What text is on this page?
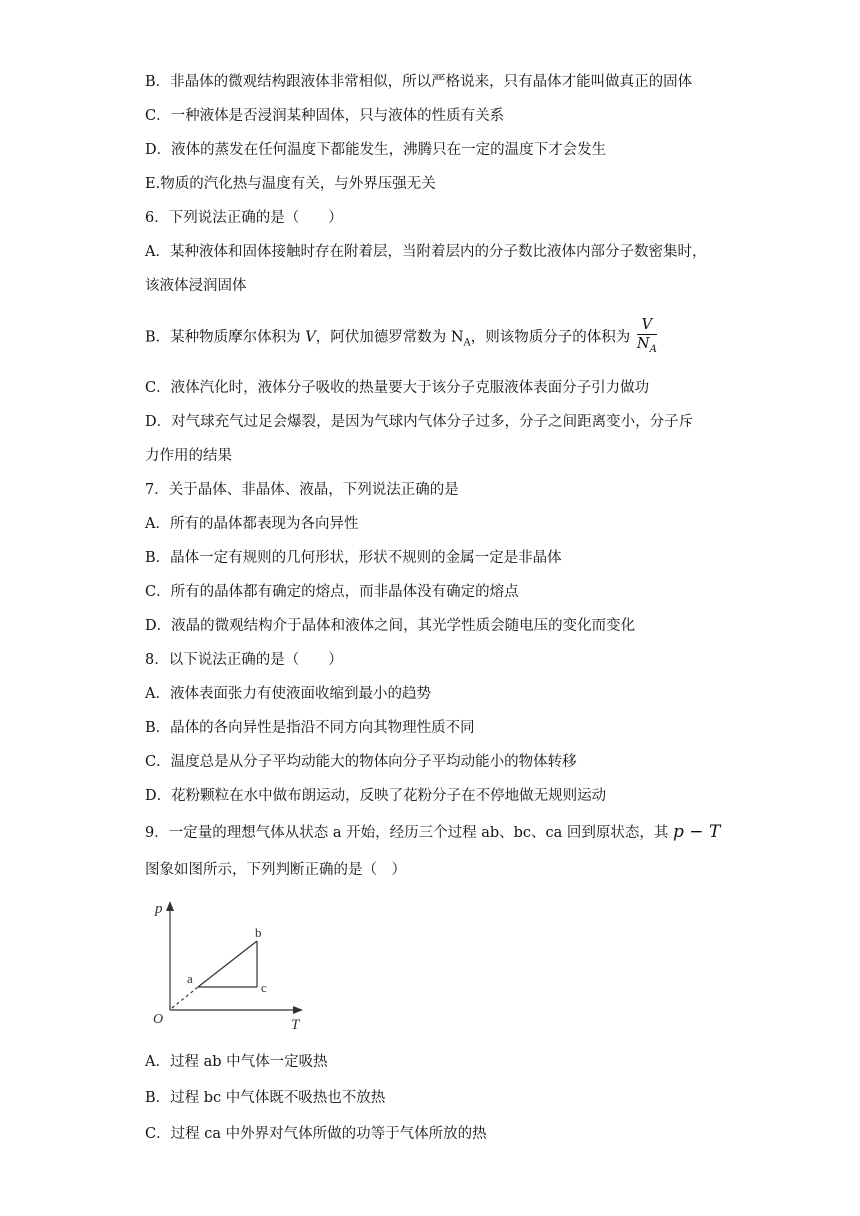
B．非晶体的微观结构跟液体非常相似，所以严格说来，只有晶体才能叫做真正的固体
C．一种液体是否浸润某种固体，只与液体的性质有关系
D．液体的蒸发在任何温度下都能发生，沸腾只在一定的温度下才会发生
E.物质的汽化热与温度有关，与外界压强无关
6．下列说法正确的是（　　）
A．某种液体和固体接触时存在附着层，当附着层内的分子数比液体内部分子数密集时，
该液体浸润固体
B．某种物质摩尔体积为 V，阿伏加德罗常数为 $N_A$，则该物质分子的体积为 $\frac{V}{N_A}$
C．液体汽化时，液体分子吸收的热量要大于该分子克服液体表面分子引力做功
D．对气球充气过足会爆裂，是因为气球内气体分子过多，分子之间距离变小，分子斥
力作用的结果
7．关于晶体、非晶体、液晶，下列说法正确的是
A．所有的晶体都表现为各向异性
B．晶体一定有规则的几何形状，形状不规则的金属一定是非晶体
C．所有的晶体都有确定的熔点，而非晶体没有确定的熔点
D．液晶的微观结构介于晶体和液体之间，其光学性质会随电压的变化而变化
8．以下说法正确的是（　　）
A．液体表面张力有使液面收缩到最小的趋势
B．晶体的各向异性是指沿不同方向其物理性质不同
C．温度总是从分子平均动能大的物体向分子平均动能小的物体转移
D．花粉颗粒在水中做布朗运动，反映了花粉分子在不停地做无规则运动
9．一定量的理想气体从状态 a 开始，经历三个过程 ab、bc、ca 回到原状态，其 p − T
图象如图所示，下列判断正确的是（　）
p
T
O
a
b
c
A．过程 ab 中气体一定吸热
B．过程 bc 中气体既不吸热也不放热
C．过程 ca 中外界对气体所做的功等于气体所放的热
